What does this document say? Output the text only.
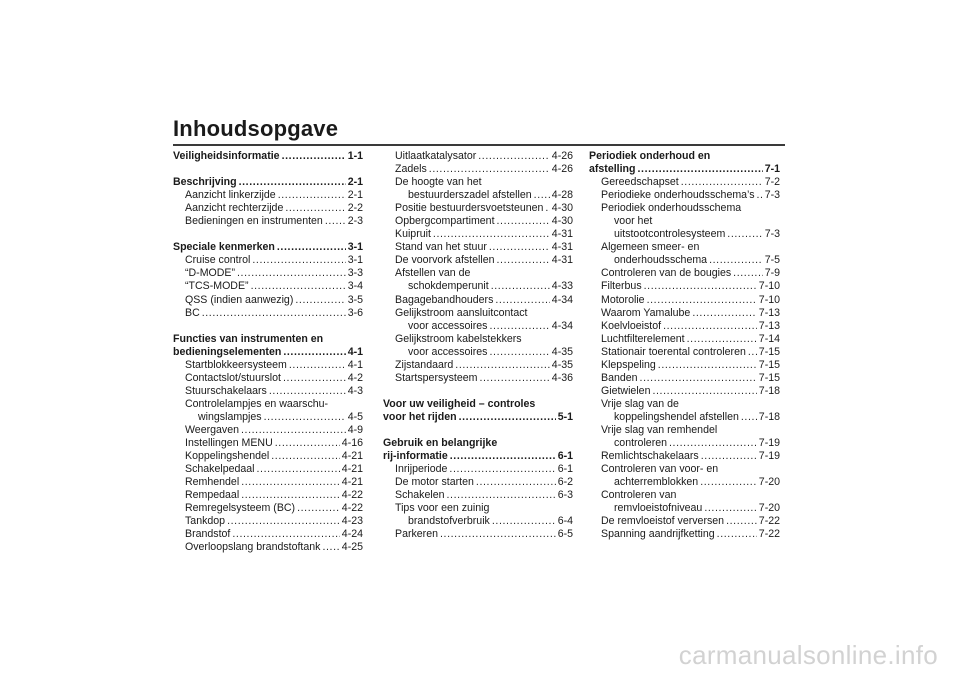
Inhoudsopgave
Veiligheidsinformatie .....	1-1
Beschrijving .....	2-1
Aanzicht linkerzijde .....	2-1
Aanzicht rechterzijde .....	2-2
Bedieningen en instrumenten ..... 2-3
Speciale kenmerken .....	3-1
Cruise control .....	3-1
“D-MODE” .....	3-3
“TCS-MODE” .....	3-4
QSS (indien aanwezig) .....	3-5
BC .....	3-6
Functies van instrumenten en
bedieningselementen .....	4-1
Startblokkeersysteem .....	4-1
Contactslot/stuurslot .....	4-2
Stuurschakelaars .....	4-3
Controlelampjes en waarschu-
wingslampjes .....	4-5
Weergaven .....	4-9
Instellingen MENU .....	4-16
Koppelingshendel .....	4-21
Schakelpedaal .....	4-21
Remhendel .....	4-21
Rempedaal .....	4-22
Remregelsysteem (BC) .....	4-22
Tankdop .....	4-23
Brandstof .....	4-24
Overloopslang brandstoftank ..... 4-25
Uitlaatkatalysator .....	4-26
Zadels .....	4-26
De hoogte van het
bestuurderszadel afstellen ..... 4-28
Positie bestuurdersvoetsteunen ..... 4-30
Opbergcompartiment .....	4-30
Kuipruit .....	4-31
Stand van het stuur .....	4-31
De voorvork afstellen .....	4-31
Afstellen van de
schokdemperunit .....	4-33
Bagagebandhouders .....	4-34
Gelijkstroom aansluitcontact
voor accessoires .....	4-34
Gelijkstroom kabelstekkers
voor accessoires .....	4-35
Zijstandaard .....	4-35
Startspersysteem .....	4-36
Voor uw veiligheid – controles
voor het rijden .....	5-1
Gebruik en belangrijke
rij-informatie .....	6-1
Inrijperiode .....	6-1
De motor starten .....	6-2
Schakelen .....	6-3
Tips voor een zuinig
brandstofverbruik .....	6-4
Parkeren .....	6-5
Periodiek onderhoud en
afstelling .....	7-1
Gereedschapset .....	7-2
Periodieke onderhoudsschema’s ..... 7-3
Periodiek onderhoudsschema
voor het
uitstootcontrolesysteem .....	7-3
Algemeen smeer- en
onderhoudsschema .....	7-5
Controleren van de bougies .....	7-9
Filterbus .....	7-10
Motorolie .....	7-10
Waarom Yamalube .....	7-13
Koelvloeistof .....	7-13
Luchtfilterelement .....	7-14
Stationair toerental controleren ..... 7-15
Klepspeling .....	7-15
Banden .....	7-15
Gietwielen .....	7-18
Vrije slag van de
koppelingshendel afstellen ..... 7-18
Vrije slag van remhendel
controleren .....	7-19
Remlichtschakelaars .....	7-19
Controleren van voor- en
achterremblokken .....	7-20
Controleren van
remvloeistofniveau .....	7-20
De remvloeistof verversen .....	7-22
Spanning aandrijfketting .....	7-22
carmanualsonline.info
